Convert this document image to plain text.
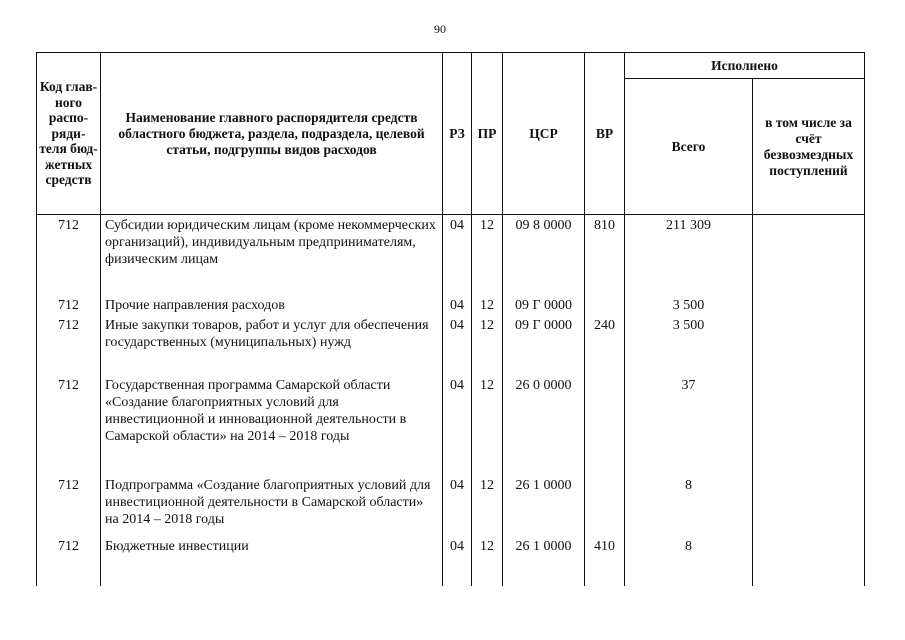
90
Код глав-ного распо-ряди-теля бюд-жетных средств	Наименование главного распорядителя средств областного бюджета, раздела, подраздела, целевой статьи, подгруппы видов расходов	РЗ	ПР	ЦСР	ВР	Исполнено	
						Всего	в том числе за счёт безвозмездных поступлений
712	Субсидии юридическим лицам (кроме некоммерческих организаций), индивидуальным предпринимателям, физическим лицам	04	12	09 8 0000	810	211 309	
712	Прочие направления расходов	04	12	09 Г 0000		3 500	
712	Иные закупки товаров, работ и услуг для обеспечения государственных (муниципальных) нужд	04	12	09 Г 0000	240	3 500	
712	Государственная программа Самарской области «Создание благоприятных условий для инвестиционной и инновационной деятельности в Самарской области» на 2014 – 2018 годы	04	12	26 0 0000		37	
712	Подпрограмма «Создание благоприятных условий для инвестиционной деятельности в Самарской области» на 2014 – 2018 годы	04	12	26 1 0000		8	
712	Бюджетные инвестиции	04	12	26 1 0000	410	8	
